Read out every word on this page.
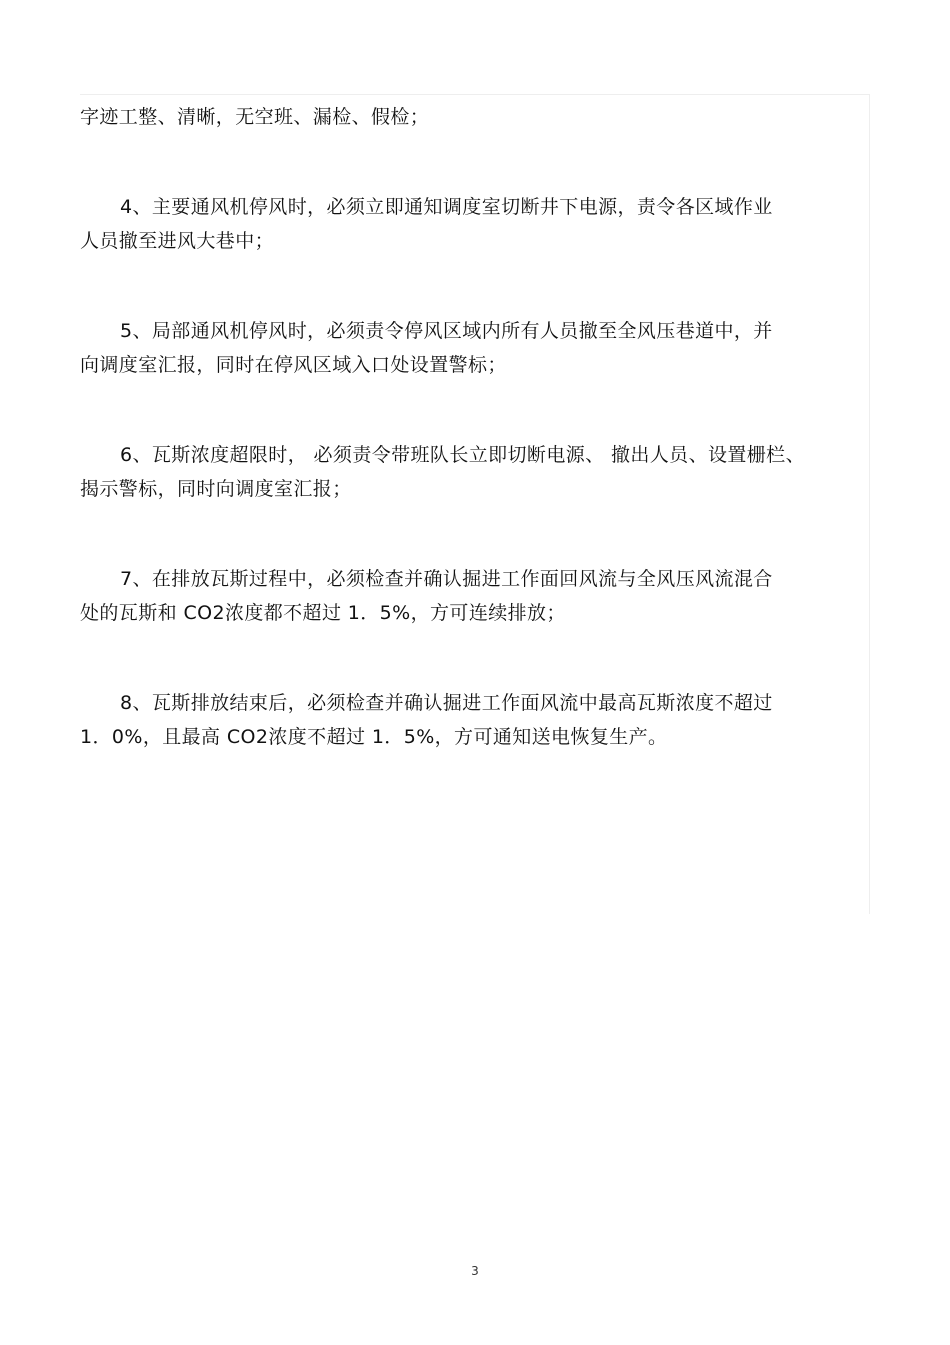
字迹工整、清晰，无空班、漏检、假检；
4、主要通风机停风时，必须立即通知调度室切断井下电源，责令各区域作业
人员撤至进风大巷中；
5、局部通风机停风时，必须责令停风区域内所有人员撤至全风压巷道中，并
向调度室汇报，同时在停风区域入口处设置警标；
6、瓦斯浓度超限时， 必须责令带班队长立即切断电源、 撤出人员、设置栅栏、
揭示警标，同时向调度室汇报；
7、在排放瓦斯过程中，必须检查并确认掘进工作面回风流与全风压风流混合
处的瓦斯和 CO2浓度都不超过 1．5%，方可连续排放；
8、瓦斯排放结束后，必须检查并确认掘进工作面风流中最高瓦斯浓度不超过
1．0%，且最高 CO2浓度不超过 1．5%，方可通知送电恢复生产。
3
